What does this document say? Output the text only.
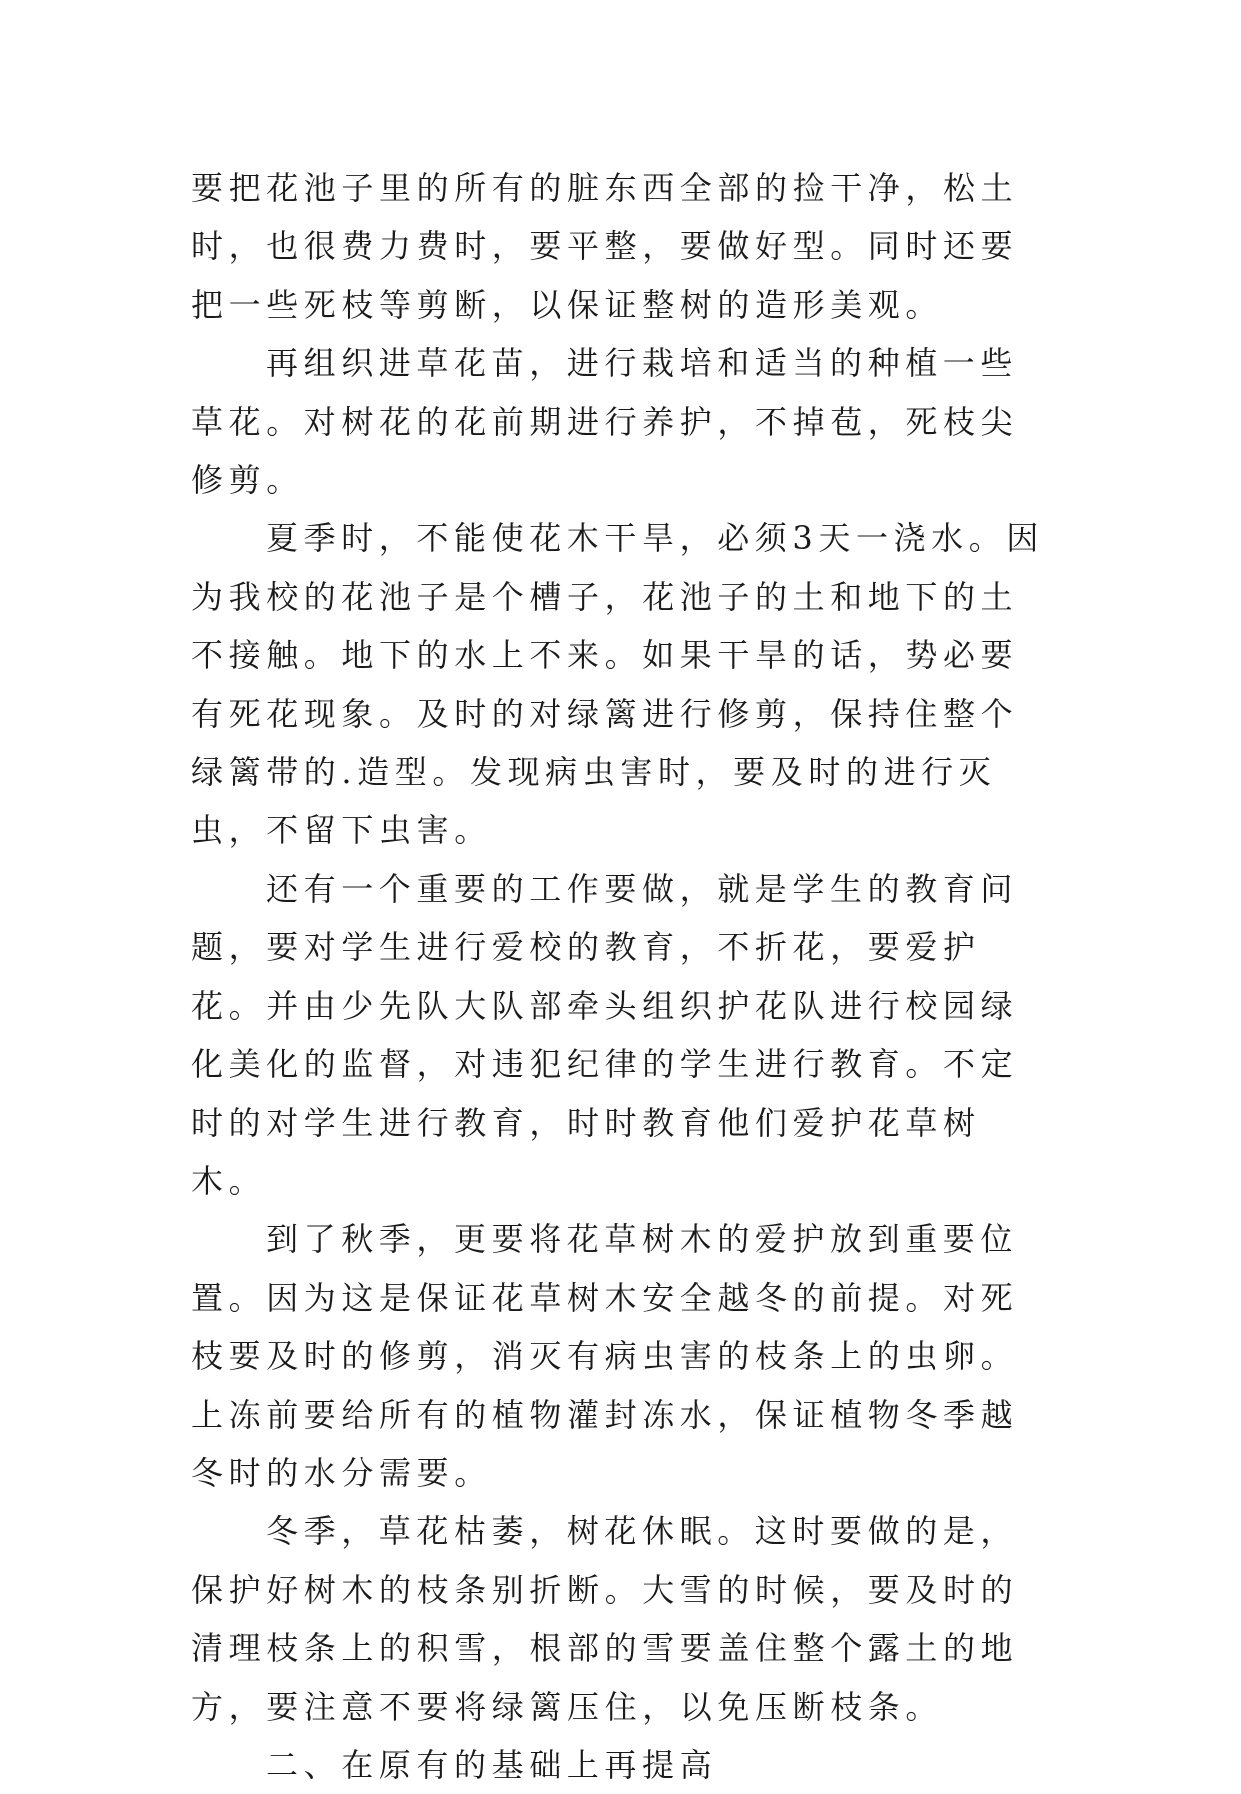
要把花池子里的所有的脏东西全部的捡干净，松土时，也很费力费时，要平整，要做好型。同时还要把一些死枝等剪断，以保证整树的造形美观。

再组织进草花苗，进行栽培和适当的种植一些草花。对树花的花前期进行养护，不掉苞，死枝尖修剪。

夏季时，不能使花木干旱，必须3天一浇水。因为我校的花池子是个槽子，花池子的土和地下的土不接触。地下的水上不来。如果干旱的话，势必要有死花现象。及时的对绿篱进行修剪，保持住整个绿篱带的.造型。发现病虫害时，要及时的进行灭虫，不留下虫害。

还有一个重要的工作要做，就是学生的教育问题，要对学生进行爱校的教育，不折花，要爱护花。并由少先队大队部牵头组织护花队进行校园绿化美化的监督，对违犯纪律的学生进行教育。不定时的对学生进行教育，时时教育他们爱护花草树木。

到了秋季，更要将花草树木的爱护放到重要位置。因为这是保证花草树木安全越冬的前提。对死枝要及时的修剪，消灭有病虫害的枝条上的虫卵。上冻前要给所有的植物灌封冻水，保证植物冬季越冬时的水分需要。

冬季，草花枯萎，树花休眠。这时要做的是，保护好树木的枝条别折断。大雪的时候，要及时的清理枝条上的积雪，根部的雪要盖住整个露土的地方，要注意不要将绿篱压住，以免压断枝条。

二、在原有的基础上再提高
